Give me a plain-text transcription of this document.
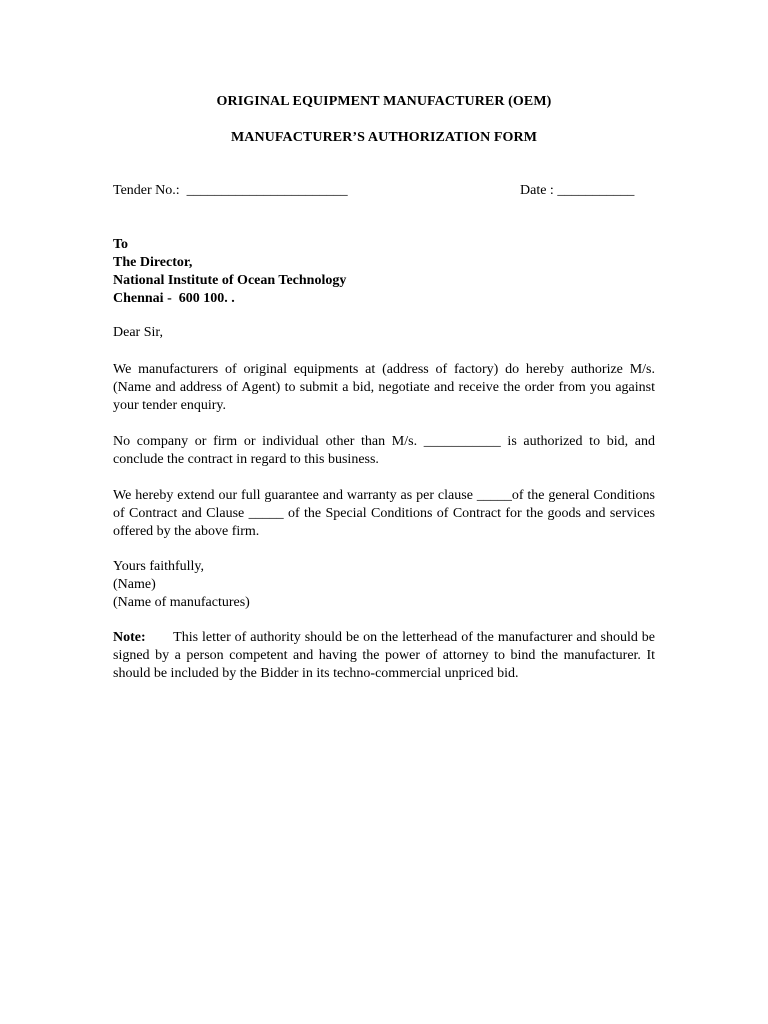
ORIGINAL EQUIPMENT MANUFACTURER (OEM)
MANUFACTURER’S AUTHORIZATION FORM
Tender No.: _______________________	Date : ___________
To
The Director,
National Institute of Ocean Technology
Chennai -  600 100. .
Dear Sir,
We manufacturers of original equipments at (address of factory) do hereby authorize M/s. (Name and address of Agent) to submit a bid, negotiate and receive the order from you against your tender enquiry.
No company or firm or individual other than M/s. ___________ is authorized to bid, and conclude the contract in regard to this business.
We hereby extend our full guarantee and warranty as per clause _____of the general Conditions of Contract and Clause _____ of the Special Conditions of Contract for the goods and services offered by the above firm.
Yours faithfully,
(Name)
(Name of manufactures)
Note: This letter of authority should be on the letterhead of the manufacturer and should be signed by a person competent and having the power of attorney to bind the manufacturer. It should be included by the Bidder in its techno-commercial unpriced bid.
